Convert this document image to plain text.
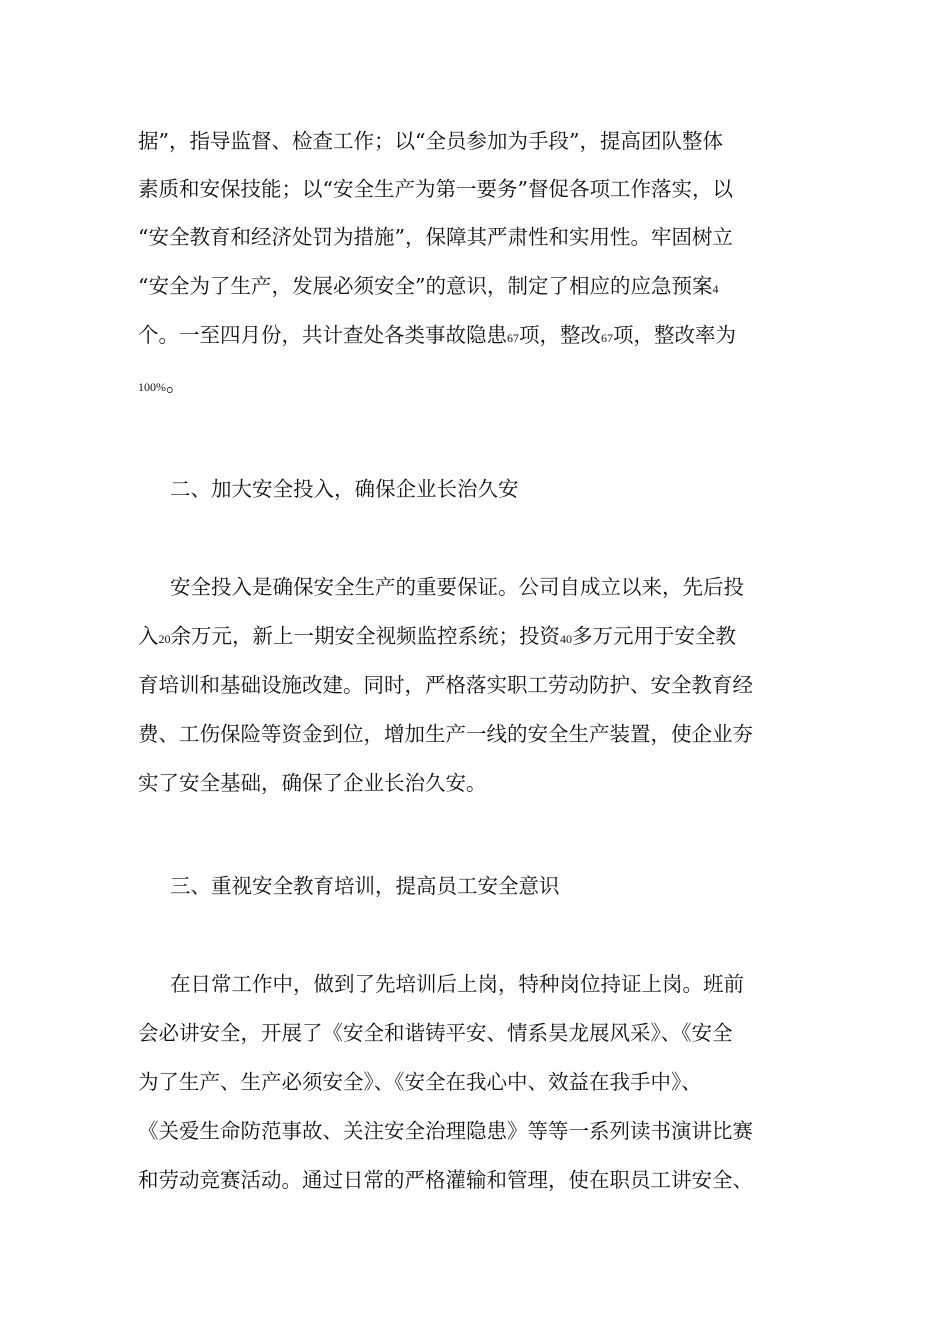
据”，指导监督、检查工作；以“全员参加为手段”，提高团队整体

素质和安保技能；以“安全生产为第一要务”督促各项工作落实，以

“安全教育和经济处罚为措施”，保障其严肃性和实用性。牢固树立

“安全为了生产，发展必须安全”的意识，制定了相应的应急预案4

个。一至四月份，共计查处各类事故隐患67项，整改67项，整改率为

100%。

二、加大安全投入，确保企业长治久安

安全投入是确保安全生产的重要保证。公司自成立以来，先后投

入20余万元，新上一期安全视频监控系统；投资40多万元用于安全教

育培训和基础设施改建。同时，严格落实职工劳动防护、安全教育经

费、工伤保险等资金到位，增加生产一线的安全生产装置，使企业夯

实了安全基础，确保了企业长治久安。

三、重视安全教育培训，提高员工安全意识

在日常工作中，做到了先培训后上岗，特种岗位持证上岗。班前

会必讲安全，开展了《安全和谐铸平安、情系昊龙展风采》、《安全

为了生产、生产必须安全》、《安全在我心中、效益在我手中》、

《关爱生命防范事故、关注安全治理隐患》等等一系列读书演讲比赛

和劳动竞赛活动。通过日常的严格灌输和管理，使在职员工讲安全、
